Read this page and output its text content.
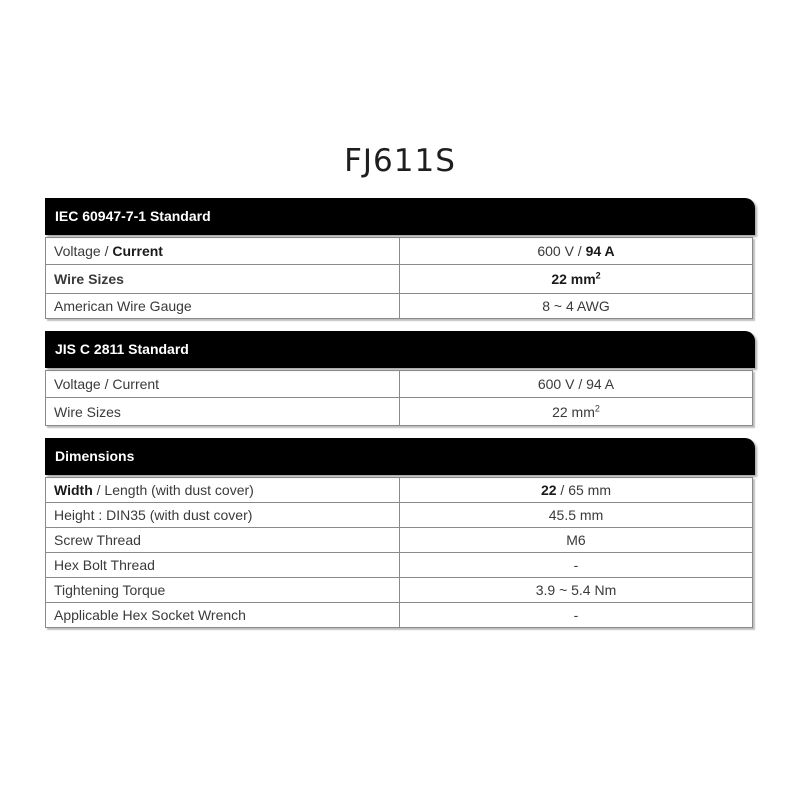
FJ611S
IEC 60947-7-1 Standard
Voltage / Current	600 V / 94 A
Wire Sizes	22 $mm^2$
American Wire Gauge	8 ~ 4 AWG
JIS C 2811 Standard
Voltage / Current	600 V / 94 A
Wire Sizes	22 $mm^2$
Dimensions
Width / Length (with dust cover)	22 / 65 mm
Height : DIN35 (with dust cover)	45.5 mm
Screw Thread	M6
Hex Bolt Thread	-
Tightening Torque	3.9 ~ 5.4 Nm
Applicable Hex Socket Wrench	-
